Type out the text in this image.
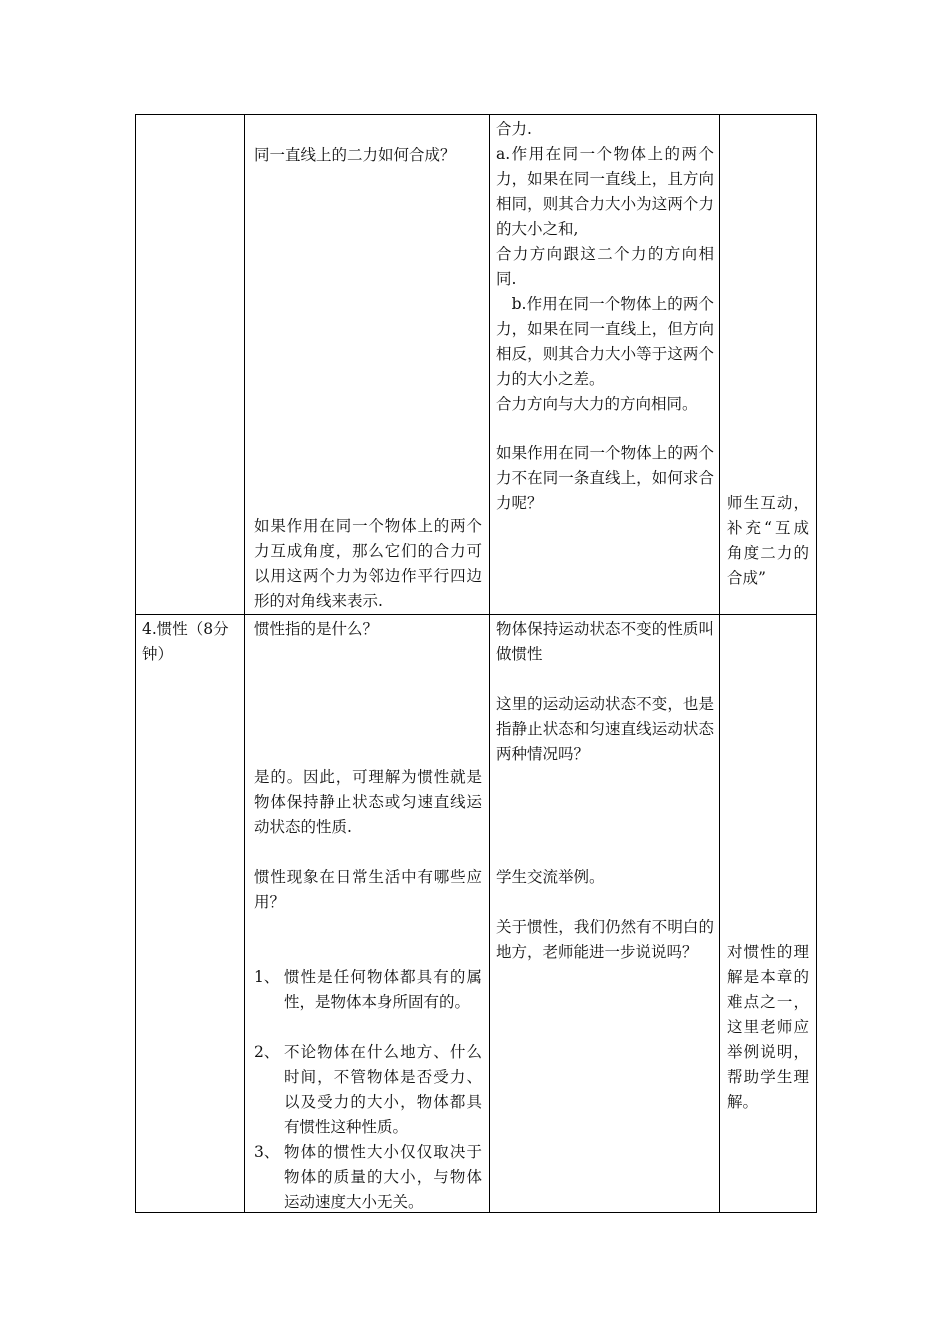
同一直线上的二力如何合成？
如果作用在同一个物体上的两个力互成角度，那么它们的合力可以用这两个力为邻边作平行四边形的对角线来表示.

合力.

a.作用在同一个物体上的两个力，如果在同一直线上，且方向相同，则其合力大小为这两个力的大小之和,

合力方向跟这二个力的方向相同.

　b.作用在同一个物体上的两个力，如果在同一直线上，但方向相反，则其合力大小等于这两个力的大小之差。

合力方向与大力的方向相同。

如果作用在同一个物体上的两个力不在同一条直线上，如何求合力呢？	师生互动，补充“互成角度二力的合成”
4.惯性（8分钟）
惯性指的是什么？
是的。因此，可理解为惯性就是物体保持静止状态或匀速直线运动状态的性质.
惯性现象在日常生活中有哪些应用？
1、 惯性是任何物体都具有的属性，是物体本身所固有的。
2、 不论物体在什么地方、什么时间，不管物体是否受力、以及受力的大小，物体都具有惯性这种性质。
3、 物体的惯性大小仅仅取决于物体的质量的大小，与物体运动速度大小无关。
物体保持运动状态不变的性质叫做惯性
这里的运动运动状态不变，也是指静止状态和匀速直线运动状态两种情况吗？
学生交流举例。
关于惯性，我们仍然有不明白的地方，老师能进一步说说吗？	对惯性的理解是本章的难点之一，这里老师应举例说明，帮助学生理解。
